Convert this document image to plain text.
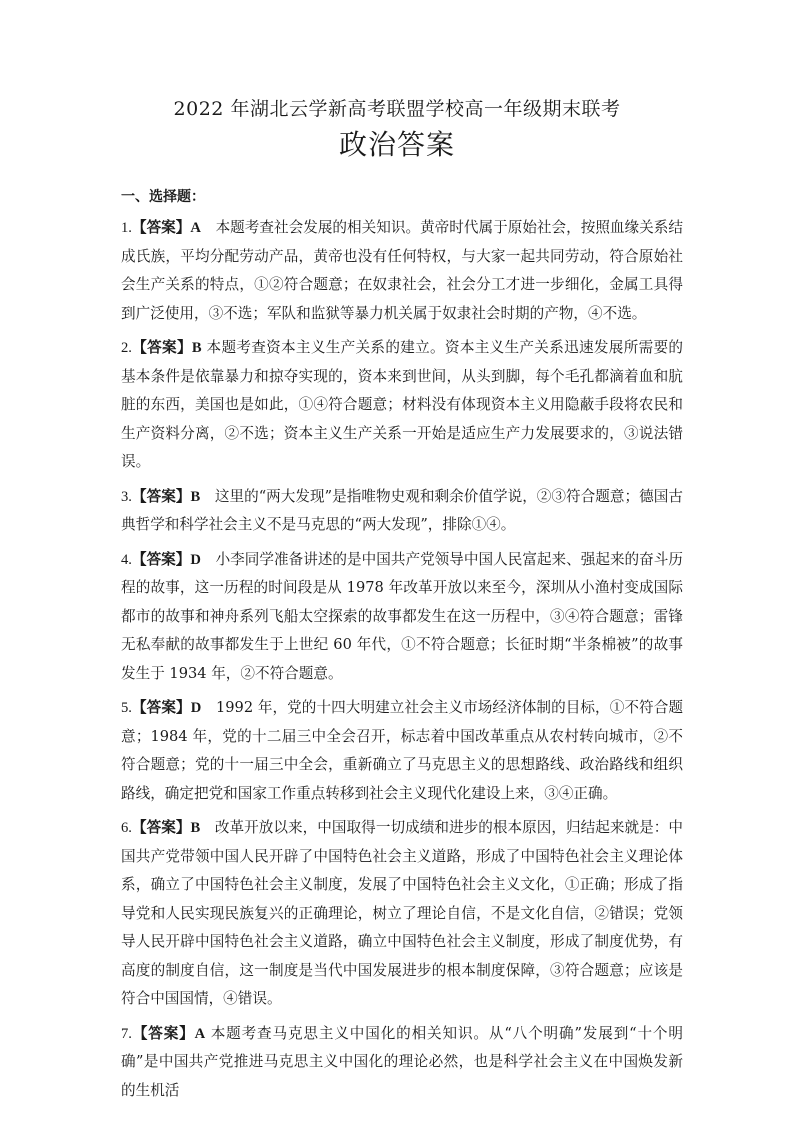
2022 年湖北云学新高考联盟学校高一年级期末联考
政治答案
一、选择题：

1.【答案】A　 本题考查社会发展的相关知识。黄帝时代属于原始社会，按照血缘关系结成氏族，平均分配劳动产品，黄帝也没有任何特权，与大家一起共同劳动，符合原始社会生产关系的特点，①②符合题意；在奴隶社会，社会分工才进一步细化，金属工具得到广泛使用，③不选；军队和监狱等暴力机关属于奴隶社会时期的产物，④不选。

2.【答案】B 本题考查资本主义生产关系的建立。资本主义生产关系迅速发展所需要的基本条件是依靠暴力和掠夺实现的，资本来到世间，从头到脚，每个毛孔都滴着血和肮脏的东西，美国也是如此，①④符合题意；材料没有体现资本主义用隐蔽手段将农民和生产资料分离，②不选；资本主义生产关系一开始是适应生产力发展要求的，③说法错误。

3.【答案】B　 这里的“两大发现”是指唯物史观和剩余价值学说，②③符合题意；德国古典哲学和科学社会主义不是马克思的“两大发现”，排除①④。

4.【答案】D　 小李同学准备讲述的是中国共产党领导中国人民富起来、强起来的奋斗历程的故事，这一历程的时间段是从 1978 年改革开放以来至今，深圳从小渔村变成国际都市的故事和神舟系列飞船太空探索的故事都发生在这一历程中，③④符合题意；雷锋无私奉献的故事都发生于上世纪 60 年代，①不符合题意；长征时期“半条棉被”的故事发生于 1934 年，②不符合题意。

5.【答案】D　 1992 年，党的十四大明建立社会主义市场经济体制的目标，①不符合题意；1984 年，党的十二届三中全会召开，标志着中国改革重点从农村转向城市，②不符合题意；党的十一届三中全会，重新确立了马克思主义的思想路线、政治路线和组织路线，确定把党和国家工作重点转移到社会主义现代化建设上来，③④正确。

6.【答案】B　 改革开放以来，中国取得一切成绩和进步的根本原因，归结起来就是：中国共产党带领中国人民开辟了中国特色社会主义道路，形成了中国特色社会主义理论体系，确立了中国特色社会主义制度，发展了中国特色社会主义文化，①正确；形成了指导党和人民实现民族复兴的正确理论，树立了理论自信，不是文化自信，②错误；党领导人民开辟中国特色社会主义道路，确立中国特色社会主义制度，形成了制度优势，有高度的制度自信，这一制度是当代中国发展进步的根本制度保障，③符合题意；应该是符合中国国情，④错误。

7.【答案】A 本题考查马克思主义中国化的相关知识。从“八个明确”发展到“十个明确”是中国共产党推进马克思主义中国化的理论必然，也是科学社会主义在中国焕发新的生机活
